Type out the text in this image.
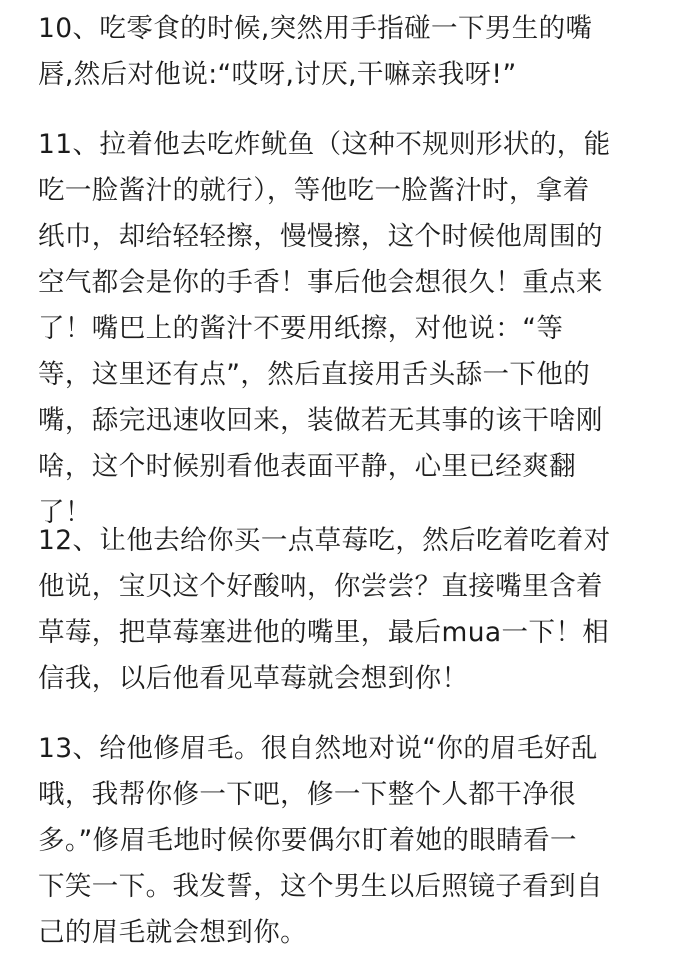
10、吃零食的时候,突然用手指碰一下男生的嘴
唇,然后对他说:“哎呀,讨厌,干嘛亲我呀!”

11、拉着他去吃炸鱿鱼（这种不规则形状的，能
吃一脸酱汁的就行），等他吃一脸酱汁时，拿着
纸巾，却给轻轻擦，慢慢擦，这个时候他周围的
空气都会是你的手香！事后他会想很久！重点来
了！嘴巴上的酱汁不要用纸擦，对他说：“等
等，这里还有点”，然后直接用舌头舔一下他的
嘴，舔完迅速收回来，装做若无其事的该干啥刚
啥，这个时候别看他表面平静，心里已经爽翻
了！

12、让他去给你买一点草莓吃，然后吃着吃着对
他说，宝贝这个好酸呐，你尝尝？直接嘴里含着
草莓，把草莓塞进他的嘴里，最后mua一下！相
信我，以后他看见草莓就会想到你！

13、给他修眉毛。很自然地对说“你的眉毛好乱
哦，我帮你修一下吧，修一下整个人都干净很
多。”修眉毛地时候你要偶尔盯着她的眼睛看一
下笑一下。我发誓，这个男生以后照镜子看到自
己的眉毛就会想到你。
